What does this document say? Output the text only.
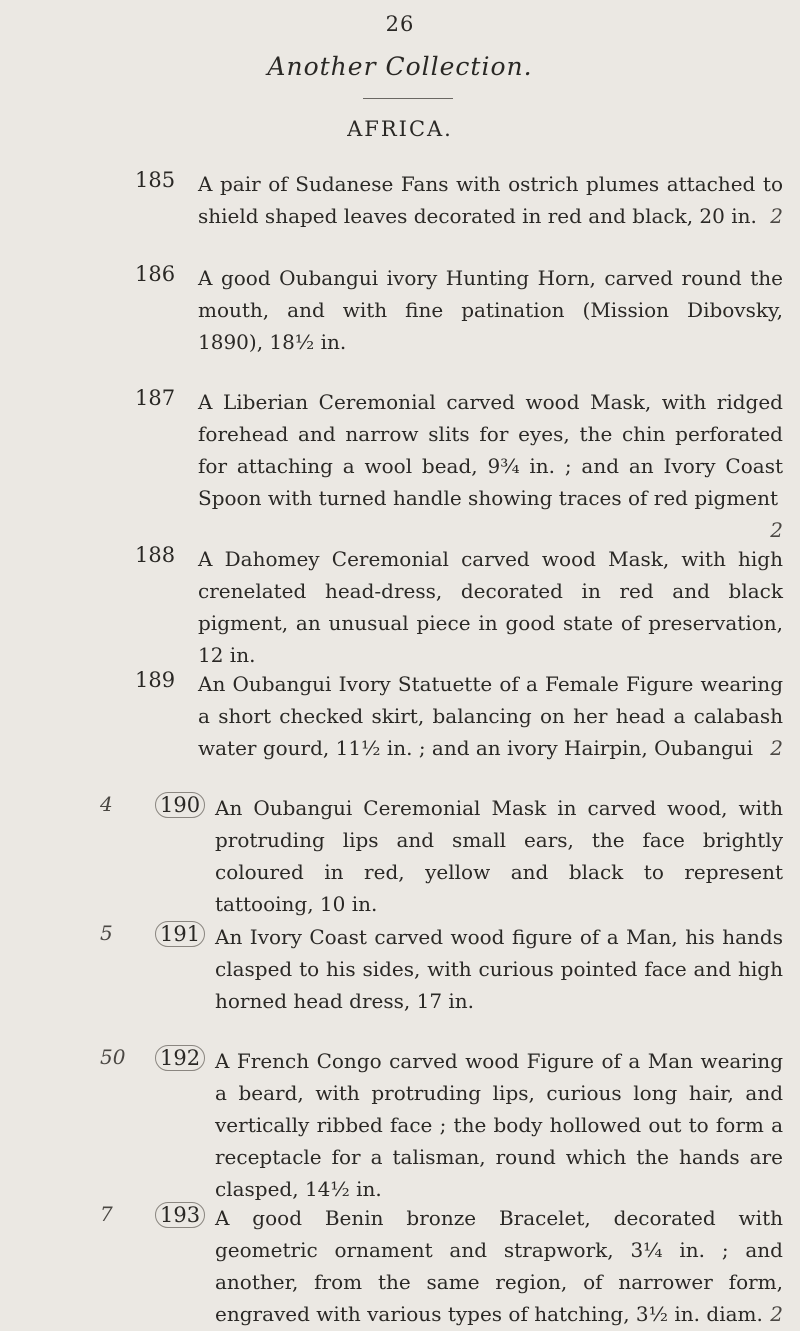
26
Another Collection.
AFRICA.
185 A pair of Sudanese Fans with ostrich plumes attached to shield shaped leaves decorated in red and black, 20 in. 2
186 A good Oubangui ivory Hunting Horn, carved round the mouth, and with fine patination (Mission Dibovsky, 1890), 18½ in.
187 A Liberian Ceremonial carved wood Mask, with ridged forehead and narrow slits for eyes, the chin perforated for attaching a wool bead, 9¾ in. ; and an Ivory Coast Spoon with turned handle showing traces of red pigment
2
188 A Dahomey Ceremonial carved wood Mask, with high crenelated head-dress, decorated in red and black pigment, an unusual piece in good state of preservation, 12 in.
189 An Oubangui Ivory Statuette of a Female Figure wearing a short checked skirt, balancing on her head a calabash water gourd, 11½ in. ; and an ivory Hairpin, Oubangui 2
4 190 An Oubangui Ceremonial Mask in carved wood, with protruding lips and small ears, the face brightly coloured in red, yellow and black to represent tattooing, 10 in.
5 191 An Ivory Coast carved wood figure of a Man, his hands clasped to his sides, with curious pointed face and high horned head dress, 17 in.
50 192 A French Congo carved wood Figure of a Man wearing a beard, with protruding lips, curious long hair, and vertically ribbed face ; the body hollowed out to form a receptacle for a talisman, round which the hands are clasped, 14½ in.
7 193 A good Benin bronze Bracelet, decorated with geometric ornament and strapwork, 3¼ in. ; and another, from the same region, of narrower form, engraved with various types of hatching, 3½ in. diam. 2
